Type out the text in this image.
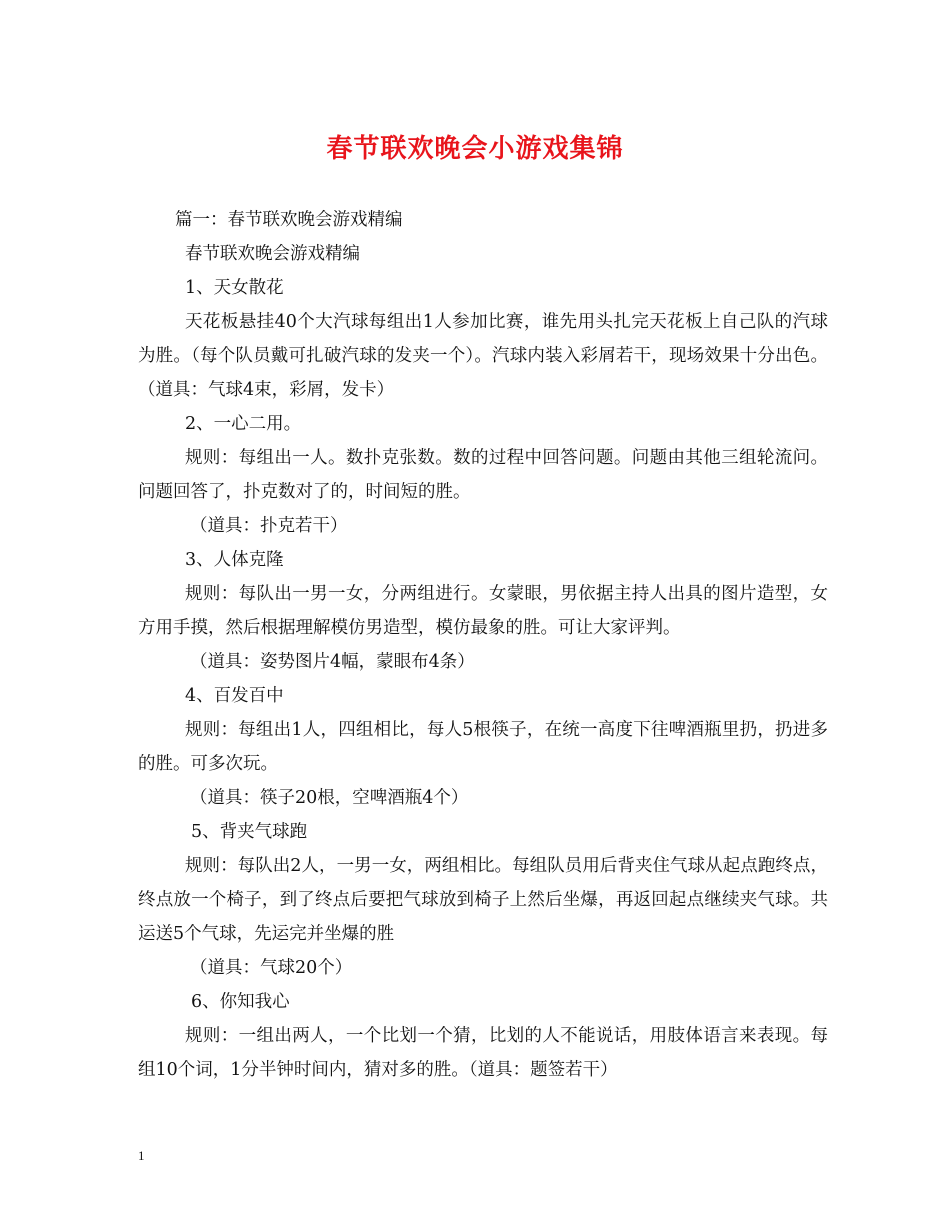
春节联欢晚会小游戏集锦

篇一：春节联欢晚会游戏精编

春节联欢晚会游戏精编

1、天女散花

天花板悬挂40个大汽球每组出1人参加比赛，谁先用头扎完天花板上自己队的汽球为胜。（每个队员戴可扎破汽球的发夹一个）。汽球内装入彩屑若干，现场效果十分出色。 （道具：气球4束，彩屑，发卡）

2、一心二用。

规则：每组出一人。数扑克张数。数的过程中回答问题。问题由其他三组轮流问。问题回答了，扑克数对了的，时间短的胜。

（道具：扑克若干）

3、人体克隆

规则：每队出一男一女，分两组进行。女蒙眼，男依据主持人出具的图片造型，女方用手摸，然后根据理解模仿男造型，模仿最象的胜。可让大家评判。

（道具：姿势图片4幅，蒙眼布4条）

4、百发百中

规则：每组出1人，四组相比，每人5根筷子，在统一高度下往啤酒瓶里扔，扔进多的胜。可多次玩。

（道具：筷子20根，空啤酒瓶4个）

5、背夹气球跑

规则：每队出2人，一男一女，两组相比。每组队员用后背夹住气球从起点跑终点，终点放一个椅子，到了终点后要把气球放到椅子上然后坐爆，再返回起点继续夹气球。共运送5个气球，先运完并坐爆的胜

（道具：气球20个）

6、你知我心

规则：一组出两人，一个比划一个猜，比划的人不能说话，用肢体语言来表现。每组10个词，1分半钟时间内，猜对多的胜。（道具：题签若干）

1
